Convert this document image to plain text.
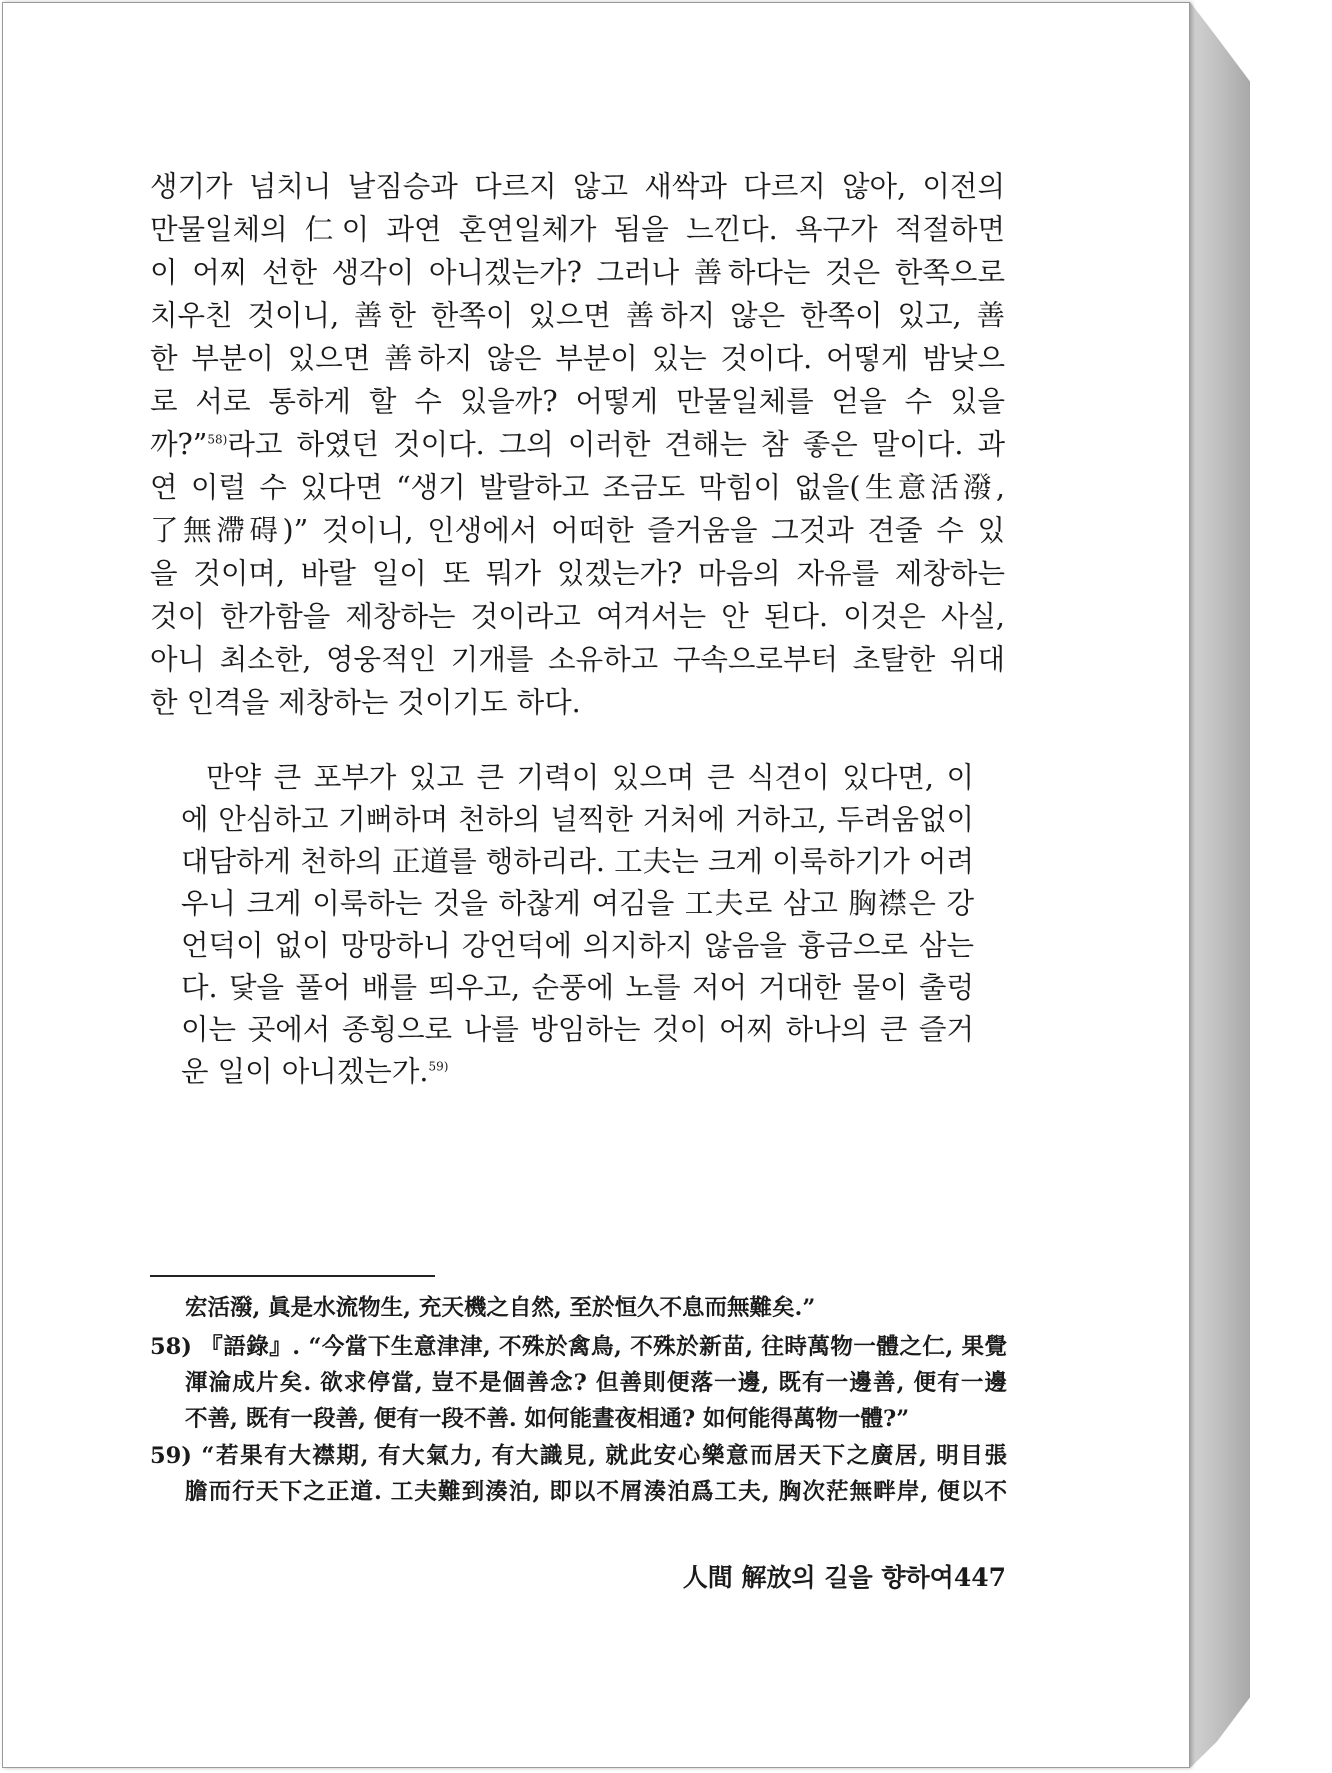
생기가 넘치니 날짐승과 다르지 않고 새싹과 다르지 않아, 이전의
만물일체의 仁이 과연 혼연일체가 됨을 느낀다. 욕구가 적절하면
이 어찌 선한 생각이 아니겠는가? 그러나 善하다는 것은 한쪽으로
치우친 것이니, 善한 한쪽이 있으면 善하지 않은 한쪽이 있고, 善
한 부분이 있으면 善하지 않은 부분이 있는 것이다. 어떻게 밤낮으
로 서로 통하게 할 수 있을까? 어떻게 만물일체를 얻을 수 있을
까?”$^{58)}$라고 하였던 것이다. 그의 이러한 견해는 참 좋은 말이다. 과
연 이럴 수 있다면 “생기 발랄하고 조금도 막힘이 없을(生意活潑,
了無滯碍)” 것이니, 인생에서 어떠한 즐거움을 그것과 견줄 수 있
을 것이며, 바랄 일이 또 뭐가 있겠는가? 마음의 자유를 제창하는
것이 한가함을 제창하는 것이라고 여겨서는 안 된다. 이것은 사실,
아니 최소한, 영웅적인 기개를 소유하고 구속으로부터 초탈한 위대
한 인격을 제창하는 것이기도 하다.
만약 큰 포부가 있고 큰 기력이 있으며 큰 식견이 있다면, 이
에 안심하고 기뻐하며 천하의 널찍한 거처에 거하고, 두려움없이
대담하게 천하의 正道를 행하리라. 工夫는 크게 이룩하기가 어려
우니 크게 이룩하는 것을 하찮게 여김을 工夫로 삼고 胸襟은 강
언덕이 없이 망망하니 강언덕에 의지하지 않음을 흉금으로 삼는
다. 닻을 풀어 배를 띄우고, 순풍에 노를 저어 거대한 물이 출렁
이는 곳에서 종횡으로 나를 방임하는 것이 어찌 하나의 큰 즐거
운 일이 아니겠는가.$^{59)}$
宏活潑, 眞是水流物生, 充天機之自然, 至於恒久不息而無難矣.”
58) 『語錄』. “今當下生意津津, 不殊於禽鳥, 不殊於新苗, 往時萬物一體之仁, 果覺
渾淪成片矣. 欲求停當, 豈不是個善念? 但善則便落一邊, 既有一邊善, 便有一邊
不善, 既有一段善, 便有一段不善. 如何能晝夜相通? 如何能得萬物一體?”
59) “若果有大襟期, 有大氣力, 有大識見, 就此安心樂意而居天下之廣居, 明目張
膽而行天下之正道. 工夫難到湊泊, 即以不屑湊泊爲工夫, 胸次茫無畔岸, 便以不
人間 解放의 길을 향하여447
